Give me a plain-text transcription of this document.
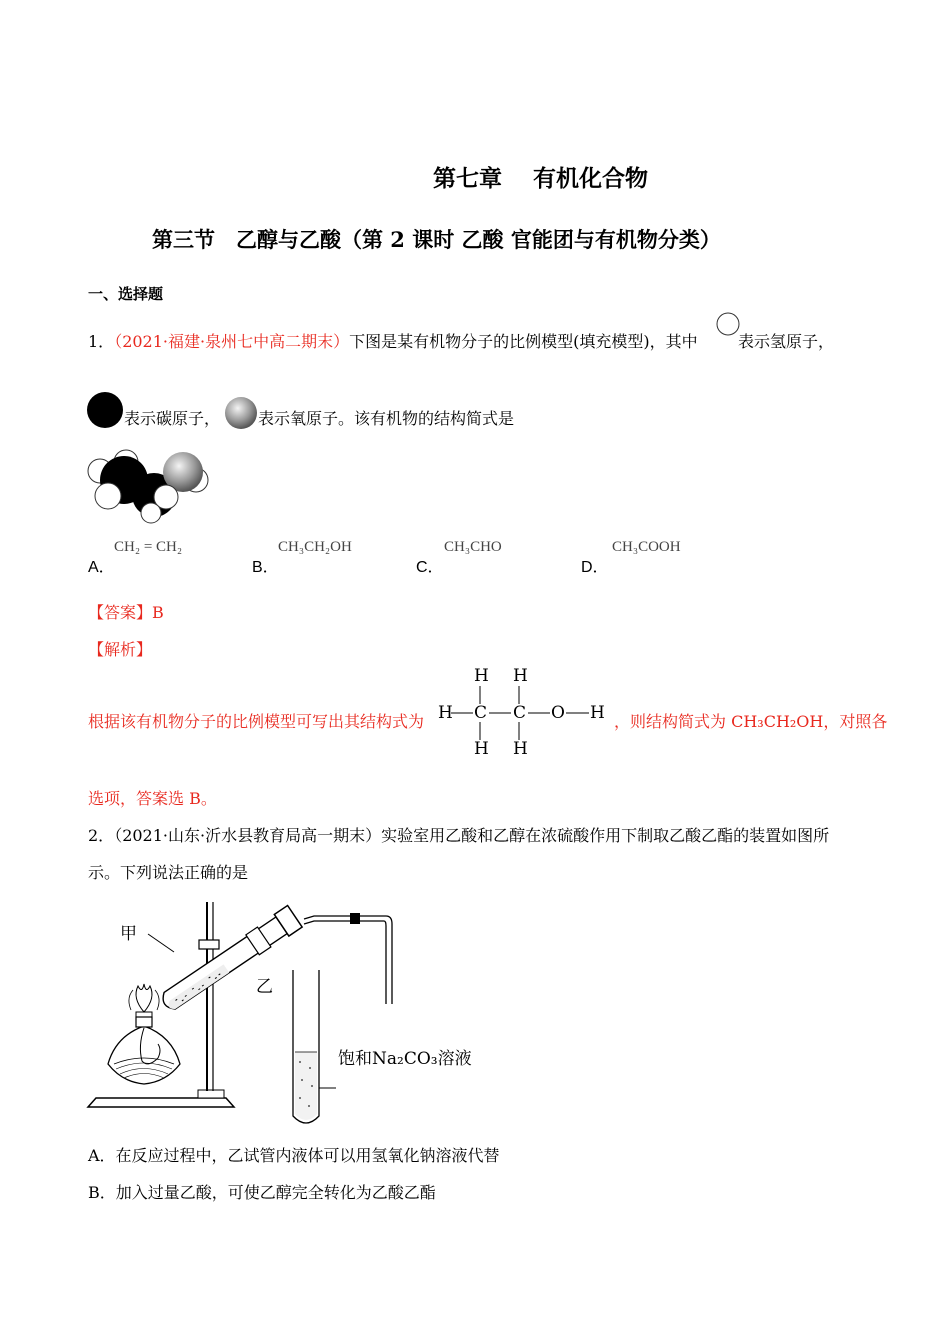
第七章　 有机化合物
第三节　乙醇与乙酸（第 2 课时 乙酸 官能团与有机物分类）
一、选择题
1．（2021·福建·泉州七中高二期末）下图是某有机物分子的比例模型(填充模型)，其中	表示氢原子，
表示碳原子， 表示氧原子。该有机物的结构简式是
A．
CH₂ = CH₂
B．
CH₃CH₂OH
C．
CH₃CHO
D．
CH₃COOH
【答案】B
【解析】
根据该有机物分子的比例模型可写出其结构式为
H H
H C C O H
H H
，则结构简式为 CH₃CH₂OH，对照各
选项，答案选 B。
2．（2021·山东·沂水县教育局高一期末）实验室用乙酸和乙醇在浓硫酸作用下制取乙酸乙酯的装置如图所
示。下列说法正确的是
甲
乙
饱和Na₂CO₃溶液
A．在反应过程中，乙试管内液体可以用氢氧化钠溶液代替
B．加入过量乙酸，可使乙醇完全转化为乙酸乙酯
